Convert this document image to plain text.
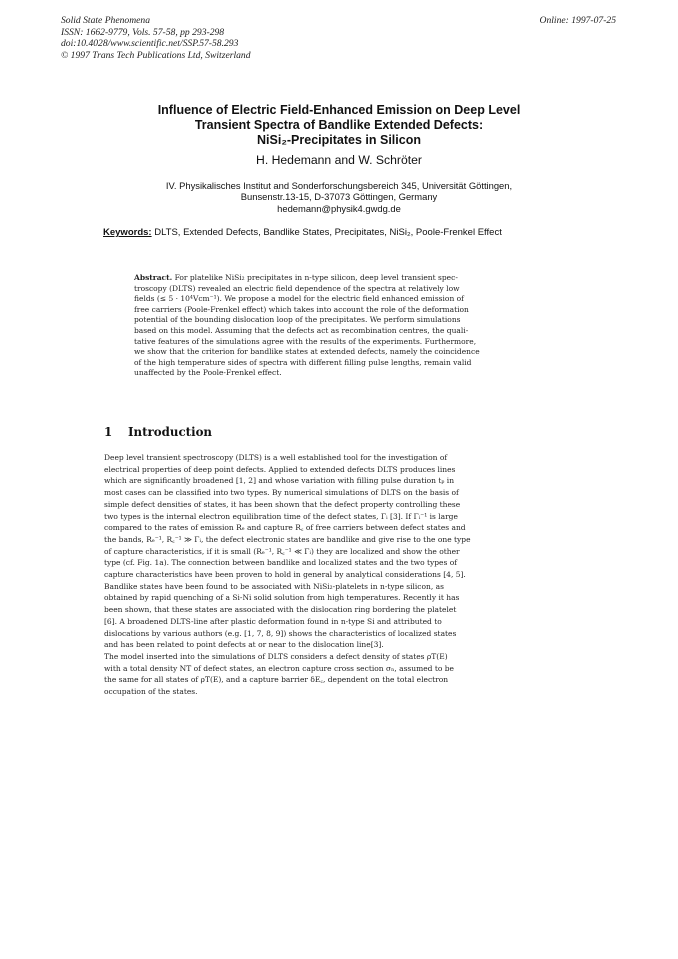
Solid State Phenomena
ISSN: 1662-9779, Vols. 57-58, pp 293-298
doi:10.4028/www.scientific.net/SSP.57-58.293
© 1997 Trans Tech Publications Ltd, Switzerland
Online: 1997-07-25
Influence of Electric Field-Enhanced Emission on Deep Level
Transient Spectra of Bandlike Extended Defects:
NiSi₂-Precipitates in Silicon
H. Hedemann and W. Schröter
IV. Physikalisches Institut and Sonderforschungsbereich 345, Universität Göttingen,
Bunsenstr.13-15, D-37073 Göttingen, Germany
hedemann@physik4.gwdg.de
Keywords: DLTS, Extended Defects, Bandlike States, Precipitates, NiSi₂, Poole-Frenkel Effect
Abstract. For platelike NiSi₂ precipitates in n-type silicon, deep level transient spec-
troscopy (DLTS) revealed an electric field dependence of the spectra at relatively low
fields (≤ 5 · 10⁴Vcm⁻¹). We propose a model for the electric field enhanced emission of
free carriers (Poole-Frenkel effect) which takes into account the role of the deformation
potential of the bounding dislocation loop of the precipitates. We perform simulations
based on this model. Assuming that the defects act as recombination centres, the quali-
tative features of the simulations agree with the results of the experiments. Furthermore,
we show that the criterion for bandlike states at extended defects, namely the coincidence
of the high temperature sides of spectra with different filling pulse lengths, remain valid
unaffected by the Poole-Frenkel effect.
1 Introduction
Deep level transient spectroscopy (DLTS) is a well established tool for the investigation of
electrical properties of deep point defects. Applied to extended defects DLTS produces lines
which are significantly broadened [1, 2] and whose variation with filling pulse duration tₚ in
most cases can be classified into two types. By numerical simulations of DLTS on the basis of
simple defect densities of states, it has been shown that the defect property controlling these
two types is the internal electron equilibration time of the defect states, Γᵢ [3]. If Γᵢ⁻¹ is large
compared to the rates of emission Rₑ and capture R꜀ of free carriers between defect states and
the bands, Rₑ⁻¹, R꜀⁻¹ ≫ Γᵢ, the defect electronic states are bandlike and give rise to the one type
of capture characteristics, if it is small (Rₑ⁻¹, R꜀⁻¹ ≪ Γᵢ) they are localized and show the other
type (cf. Fig. 1a). The connection between bandlike and localized states and the two types of
capture characteristics have been proven to hold in general by analytical considerations [4, 5].
Bandlike states have been found to be associated with NiSi₂-platelets in n-type silicon, as
obtained by rapid quenching of a Si-Ni solid solution from high temperatures. Recently it has
been shown, that these states are associated with the dislocation ring bordering the platelet
[6]. A broadened DLTS-line after plastic deformation found in n-type Si and attributed to
dislocations by various authors (e.g. [1, 7, 8, 9]) shows the characteristics of localized states
and has been related to point defects at or near to the dislocation line[3].
The model inserted into the simulations of DLTS considers a defect density of states ρT(E)
with a total density NT of defect states, an electron capture cross section σₙ, assumed to be
the same for all states of ρT(E), and a capture barrier δE꜀, dependent on the total electron
occupation of the states.
